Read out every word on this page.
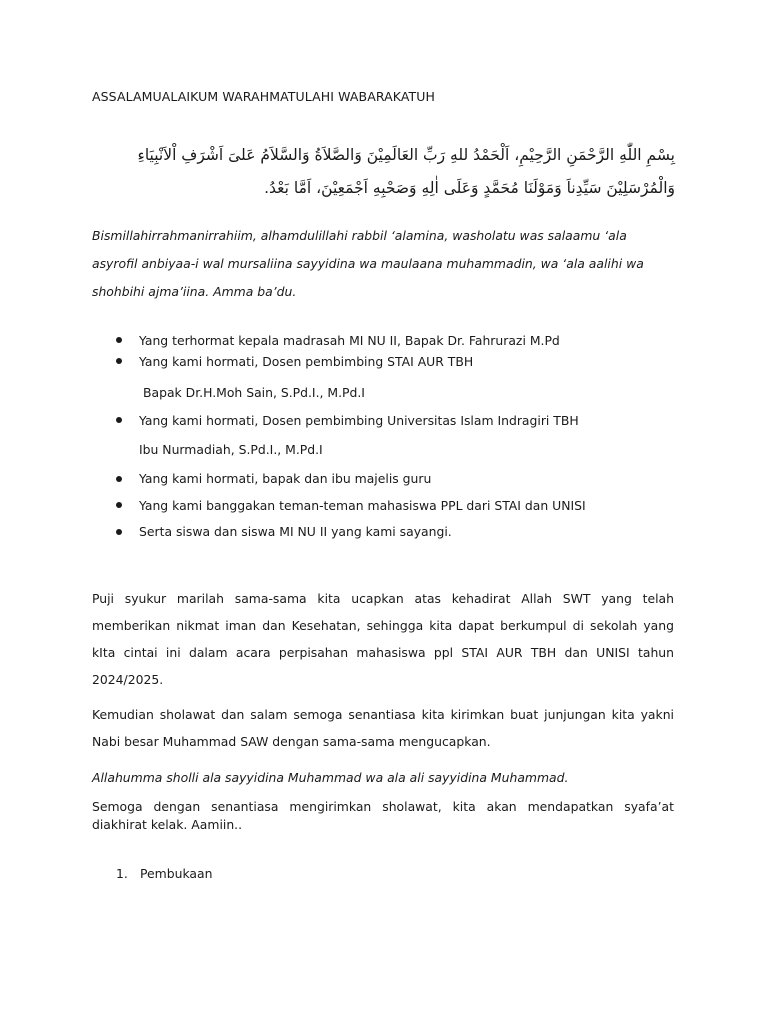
ASSALAMUALAIKUM WARAHMATULAHI WABARAKATUH
بِسْمِ اللّٰهِ الرَّحْمَنِ الرَّحِيْمِ، اَلْحَمْدُ للهِ رَبِّ العَالَمِيْنَ وَالصَّلاَةُ وَالسَّلاَمُ عَلىَ اَشْرَفِ اْلاَنْبِيَاءِ
وَالْمُرْسَلِيْنَ سَيِّدِناَ وَمَوْلَنَا مُحَمَّدٍ وَعَلَى اٰلِهِ وَصَحْبِهِ اَجْمَعِيْنَ، اَمَّا بَعْدُ.
Bismillahirrahmanirrahiim, alhamdulillahi rabbil ‘alamina, washolatu was salaamu ‘ala asyrofil anbiyaa-i wal mursaliina sayyidina wa maulaana muhammadin, wa ‘ala aalihi wa shohbihi ajma’iina. Amma ba’du.
Yang terhormat kepala madrasah MI NU II, Bapak Dr. Fahrurazi M.Pd
Yang kami hormati, Dosen pembimbing STAI AUR TBH
Bapak Dr.H.Moh Sain, S.Pd.I., M.Pd.I
Yang kami hormati, Dosen pembimbing Universitas Islam Indragiri TBH
Ibu Nurmadiah, S.Pd.I., M.Pd.I
Yang kami hormati, bapak dan ibu majelis guru
Yang kami banggakan teman-teman mahasiswa PPL dari STAI dan UNISI
Serta siswa dan siswa MI NU II yang kami sayangi.
Puji syukur marilah sama-sama kita ucapkan atas kehadirat Allah SWT yang telah memberikan nikmat iman dan Kesehatan, sehingga kita dapat berkumpul di sekolah yang kIta cintai ini dalam acara perpisahan mahasiswa ppl STAI AUR TBH dan UNISI tahun 2024/2025.
Kemudian sholawat dan salam semoga senantiasa kita kirimkan buat junjungan kita yakni Nabi besar Muhammad SAW dengan sama-sama mengucapkan.
Allahumma sholli ala sayyidina Muhammad wa ala ali sayyidina Muhammad.
Semoga dengan senantiasa mengirimkan sholawat, kita akan mendapatkan syafa’at diakhirat kelak. Aamiin..
1. Pembukaan
